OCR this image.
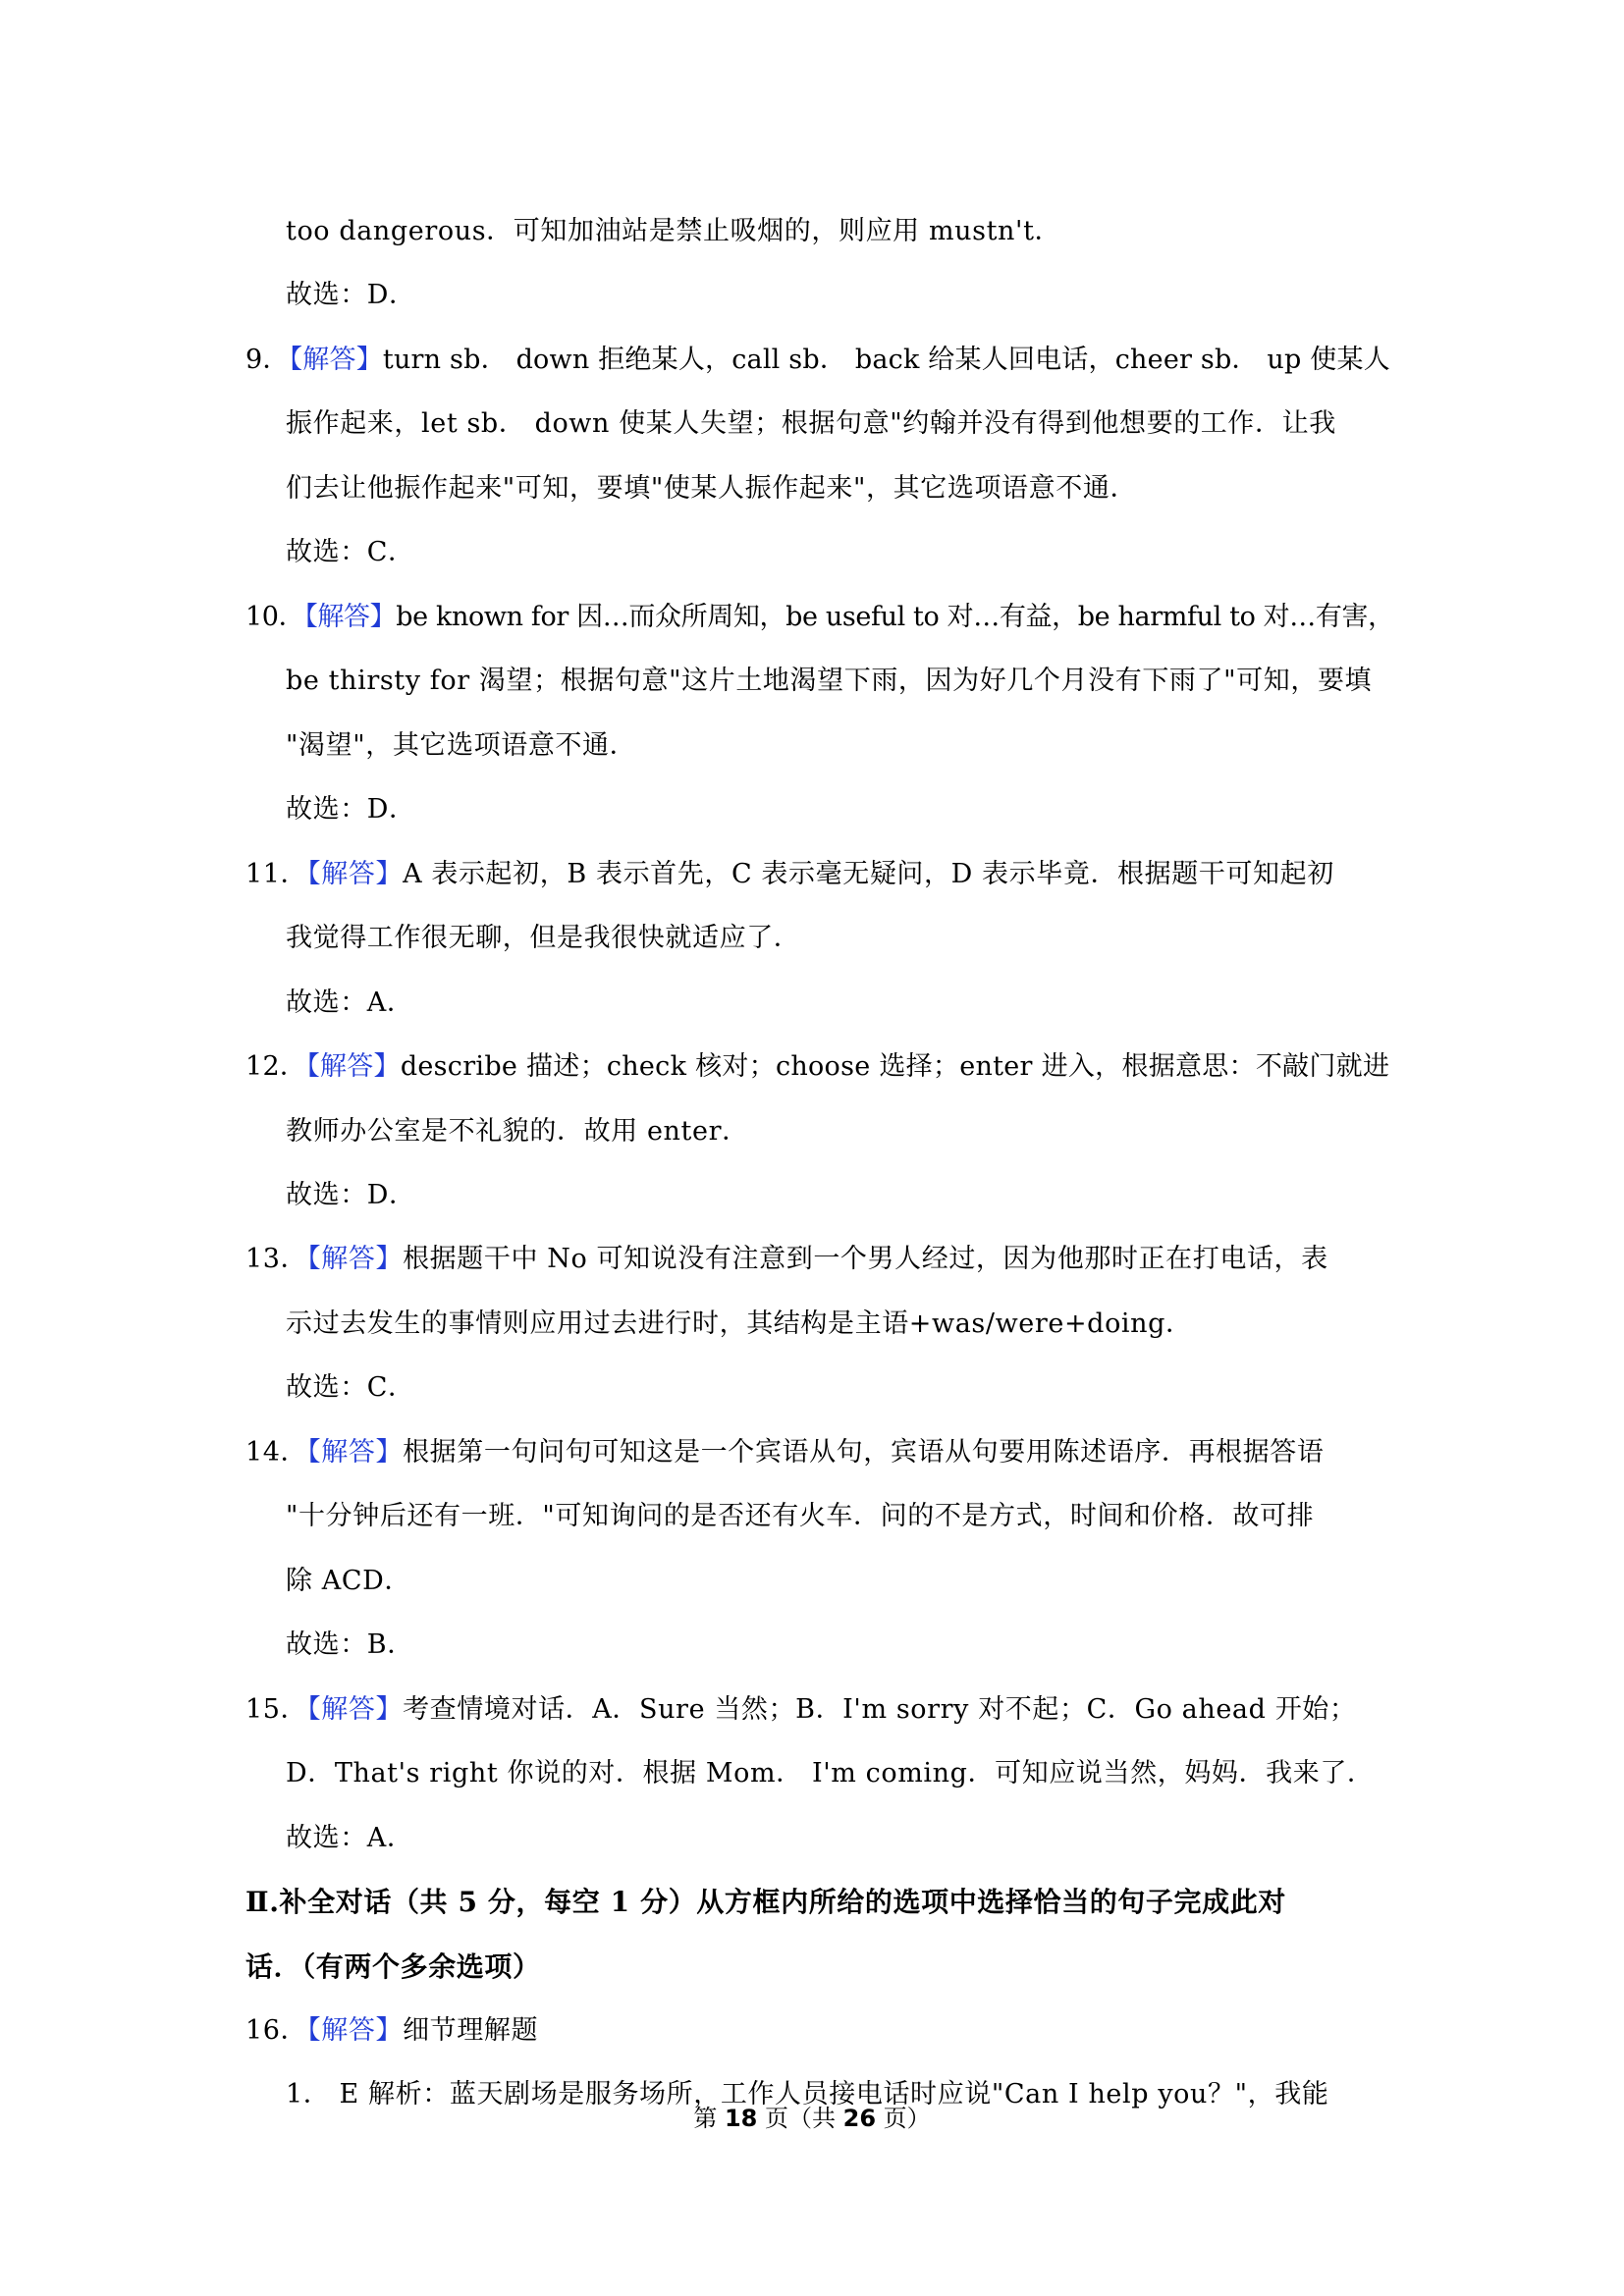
too dangerous．可知加油站是禁止吸烟的，则应用 mustn't．
故选：D．
9．【解答】turn sb． down 拒绝某人，call sb． back 给某人回电话，cheer sb． up 使某人
振作起来，let sb． down 使某人失望；根据句意"约翰并没有得到他想要的工作．让我
们去让他振作起来"可知，要填"使某人振作起来"，其它选项语意不通．
故选：C．
10．【解答】be known for 因…而众所周知，be useful to 对…有益，be harmful to 对…有害，
be thirsty for 渴望；根据句意"这片土地渴望下雨，因为好几个月没有下雨了"可知，要填
"渴望"，其它选项语意不通．
故选：D．
11．【解答】A 表示起初，B 表示首先，C 表示毫无疑问，D 表示毕竟．根据题干可知起初
我觉得工作很无聊，但是我很快就适应了．
故选：A．
12．【解答】describe 描述；check 核对；choose 选择；enter 进入，根据意思：不敲门就进
教师办公室是不礼貌的．故用 enter．
故选：D．
13．【解答】根据题干中 No 可知说没有注意到一个男人经过，因为他那时正在打电话，表
示过去发生的事情则应用过去进行时，其结构是主语+was/were+doing．
故选：C．
14．【解答】根据第一句问句可知这是一个宾语从句，宾语从句要用陈述语序．再根据答语
"十分钟后还有一班．"可知询问的是否还有火车．问的不是方式，时间和价格．故可排
除 ACD．
故选：B．
15．【解答】考查情境对话．A．Sure 当然；B．I'm sorry 对不起；C．Go ahead 开始；
D．That's right 你说的对．根据 Mom． I'm coming．可知应说当然，妈妈．我来了．
故选：A．
Ⅱ.补全对话（共 5 分，每空 1 分）从方框内所给的选项中选择恰当的句子完成此对
话．（有两个多余选项）
16．【解答】细节理解题
1． E 解析：蓝天剧场是服务场所，工作人员接电话时应说"Can I help you？"，我能
第 18 页（共 26 页）
